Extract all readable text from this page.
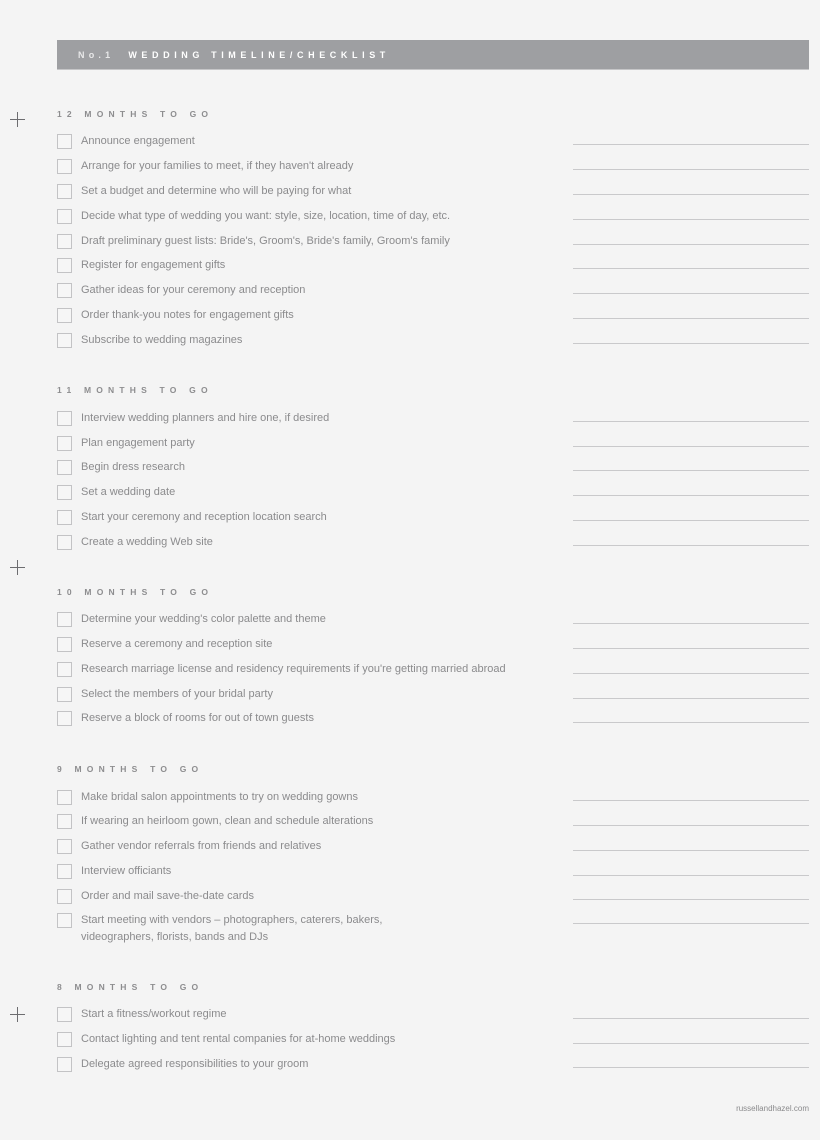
No.1 WEDDING TIMELINE/CHECKLIST
12 MONTHS TO GO
Announce engagement
Arrange for your families to meet, if they haven't already
Set a budget and determine who will be paying for what
Decide what type of wedding you want: style, size, location, time of day, etc.
Draft preliminary guest lists: Bride's, Groom's, Bride's family, Groom's family
Register for engagement gifts
Gather ideas for your ceremony and reception
Order thank-you notes for engagement gifts
Subscribe to wedding magazines
11 MONTHS TO GO
Interview wedding planners and hire one, if desired
Plan engagement party
Begin dress research
Set a wedding date
Start your ceremony and reception location search
Create a wedding Web site
10 MONTHS TO GO
Determine your wedding's color palette and theme
Reserve a ceremony and reception site
Research marriage license and residency requirements if you're getting married abroad
Select the members of your bridal party
Reserve a block of rooms for out of town guests
9 MONTHS TO GO
Make bridal salon appointments to try on wedding gowns
If wearing an heirloom gown, clean and schedule alterations
Gather vendor referrals from friends and relatives
Interview officiants
Order and mail save-the-date cards
Start meeting with vendors – photographers, caterers, bakers, videographers, florists, bands and DJs
8 MONTHS TO GO
Start a fitness/workout regime
Contact lighting and tent rental companies for at-home weddings
Delegate agreed responsibilities to your groom
russellandhazel.com
